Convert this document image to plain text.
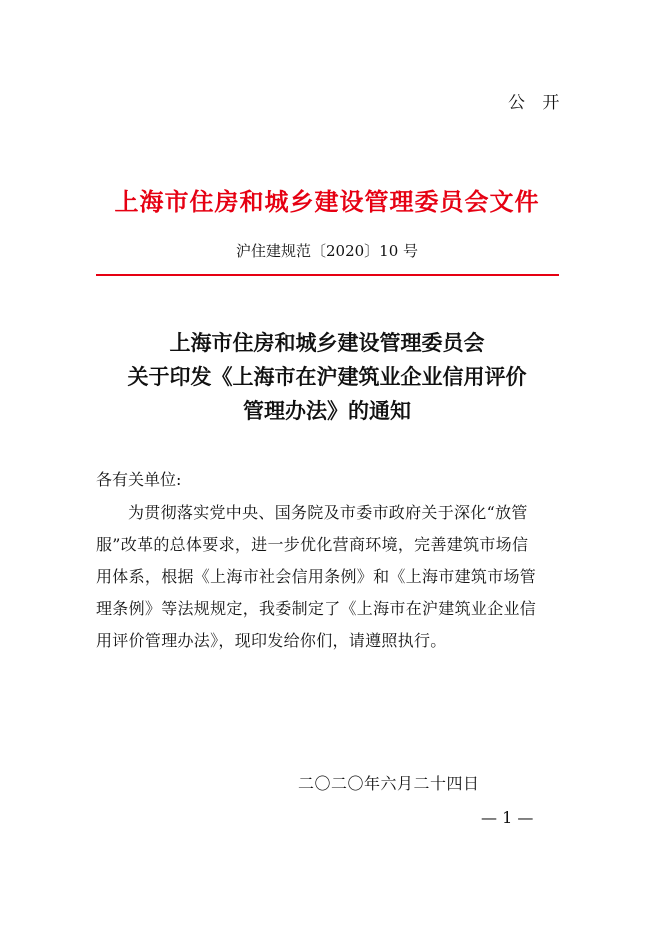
公 开
上海市住房和城乡建设管理委员会文件
沪住建规范〔2020〕10 号
上海市住房和城乡建设管理委员会
关于印发《上海市在沪建筑业企业信用评价
管理办法》的通知
各有关单位:
为贯彻落实党中央、国务院及市委市政府关于深化“放管
服”改革的总体要求，进一步优化营商环境，完善建筑市场信
用体系，根据《上海市社会信用条例》和《上海市建筑市场管
理条例》等法规规定，我委制定了《上海市在沪建筑业企业信
用评价管理办法》，现印发给你们，请遵照执行。
二〇二〇年六月二十四日
— 1 —
